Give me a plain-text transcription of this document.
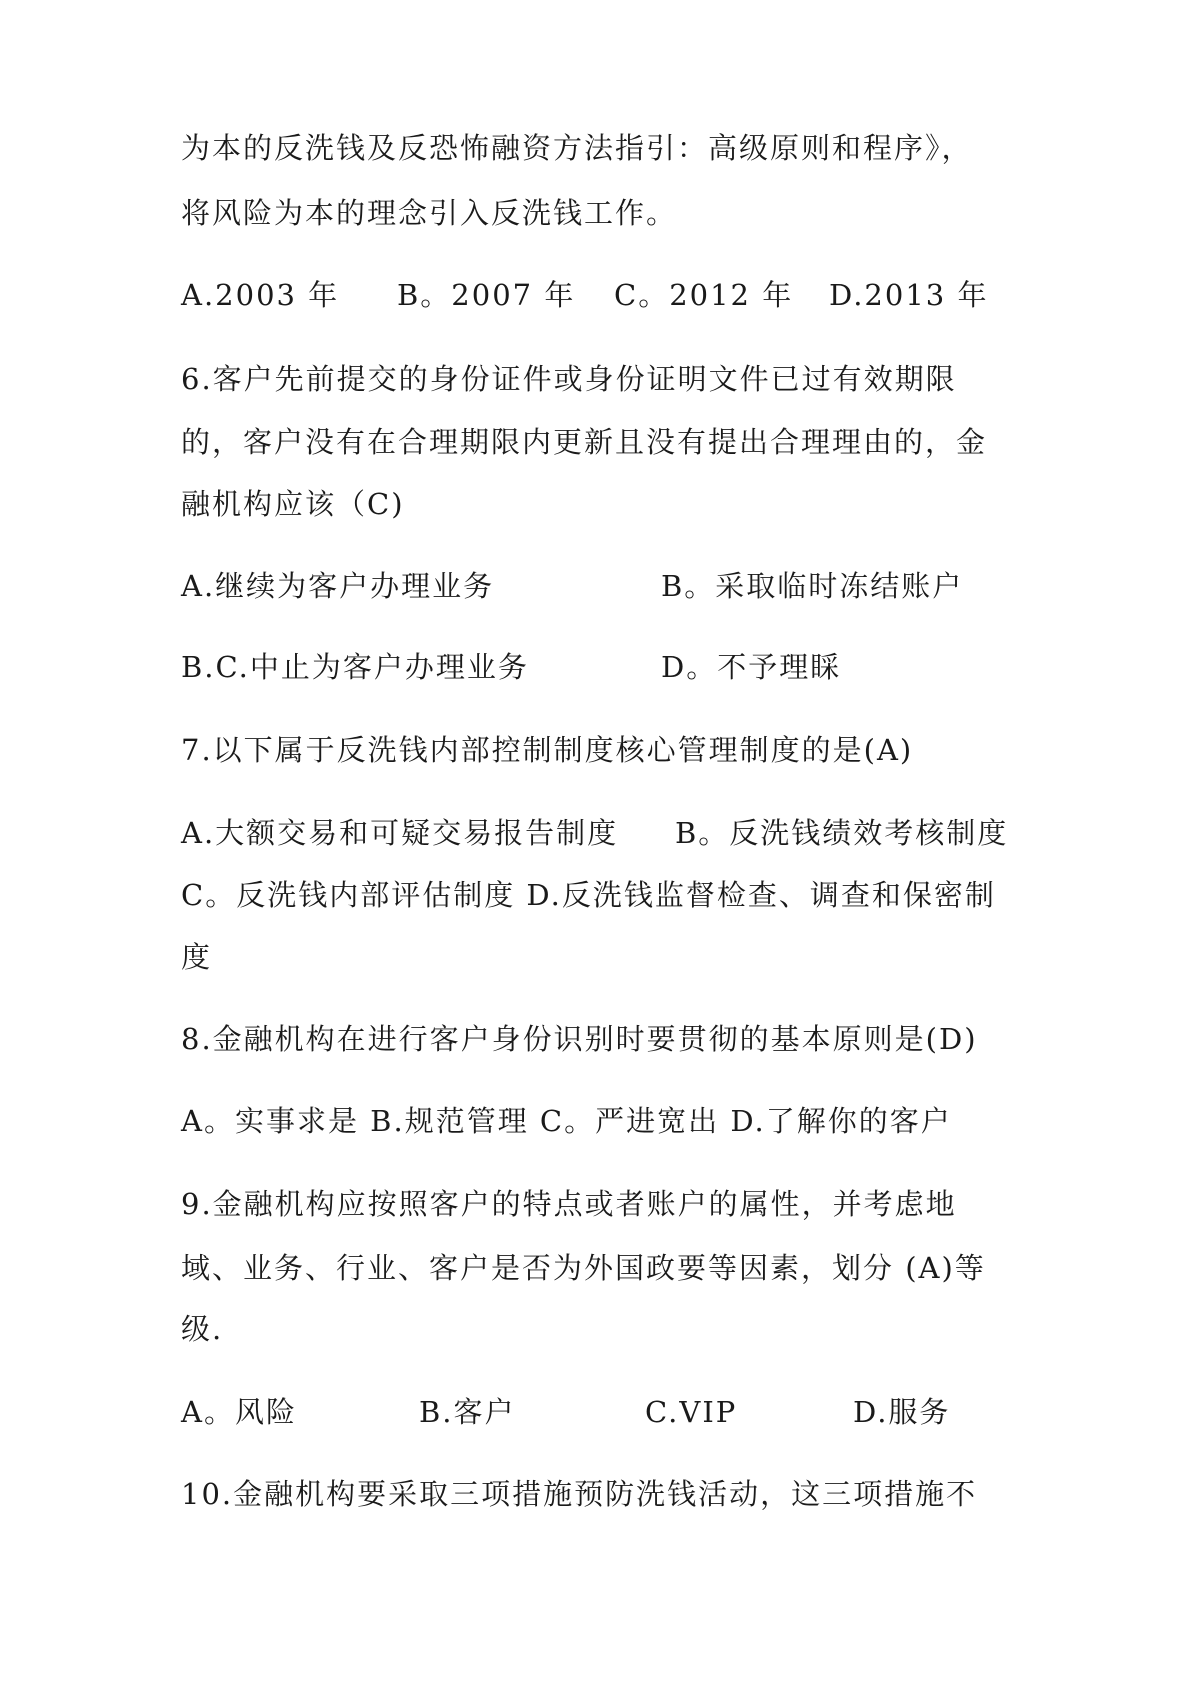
为本的反洗钱及反恐怖融资方法指引：高级原则和程序》，
将风险为本的理念引入反洗钱工作。
A.2003 年 B。2007 年 C。2012 年 D.2013 年
6.客户先前提交的身份证件或身份证明文件已过有效期限
的，客户没有在合理期限内更新且没有提出合理理由的，金
融机构应该（C)
A.继续为客户办理业务	B。采取临时冻结账户
B.C.中止为客户办理业务	D。不予理睬
7.以下属于反洗钱内部控制制度核心管理制度的是(A)
A.大额交易和可疑交易报告制度 B。反洗钱绩效考核制度
C。反洗钱内部评估制度 D.反洗钱监督检查、调查和保密制
度
8.金融机构在进行客户身份识别时要贯彻的基本原则是(D)
A。实事求是 B.规范管理 C。严进宽出 D.了解你的客户
9.金融机构应按照客户的特点或者账户的属性，并考虑地
域、业务、行业、客户是否为外国政要等因素，划分 (A)等
级.
A。风险	B.客户	C.VIP	D.服务
10.金融机构要采取三项措施预防洗钱活动，这三项措施不
